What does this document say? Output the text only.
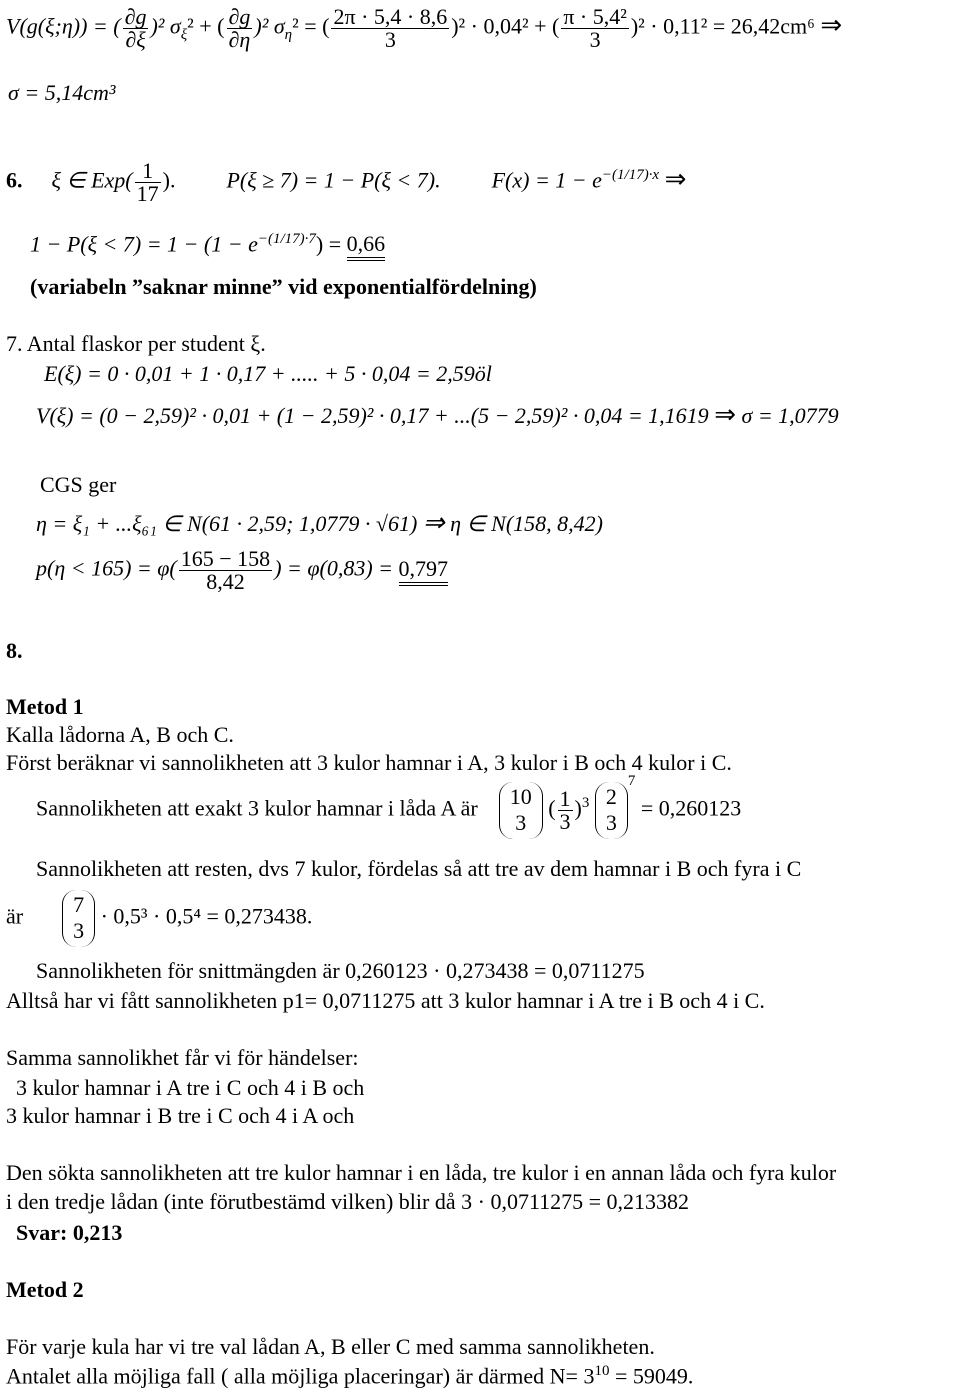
V(g(ξ;η)) = ( $\frac{\partial g}{\partial\xi} )^2$ $\sigma_\xi^2$ + ( $\frac{\partial g}{\partial\eta} )^2$ $\sigma_\eta^2$ = ( $\frac{2\pi \cdot 5,4 \cdot 8,6}{3} )^2 \cdot 0,04^2$ + ( $\frac{\text{π · 5,4²}}{3} )^2 \cdot 0,11^2 = 26,42cm^6$ ⇒
σ = 5,14cm³
6. ξ ∈ $Exp( \frac{1}{17}$ ). P(ξ ≥ 7) = 1 − P(ξ < 7). $F(x) = 1 - e^{-(1/17)\cdot x}$ ⇒
$1 - P(\xi < 7) = 1 - (1 - e^{-(1/17)\cdot 7}) = 0,66$
(variabeln ”saknar minne” vid exponentialfördelning)
7. Antal flaskor per student ξ.
E(ξ) = 0 · 0,01 + 1 · 0,17 + ..... + 5 · 0,04 = 2,59öl
V(ξ) = (0 − 2,59)² · 0,01 + (1 − 2,59)² · 0,17 + ...(5 − 2,59)² · 0,04 = 1,1619 ⇒ σ = 1,0779
CGS ger
η = ξ₁ + ...ξ₆₁ ∈ N(61 · 2,59; 1,0779 · √61) ⇒ η ∈ N(158, 8,42)
$p(\eta < 165) = \varphi( \frac{165 - 158}{8,42}$ ) = φ(0,83) = 0,797
8.
Metod 1
Kalla lådorna A, B och C.
Först beräknar vi sannolikheten att 3 kulor hamnar i A, 3 kulor i B och 4 kulor i C.
Sannolikheten att exakt 3 kulor hamnar i låda A är 10
3
( $\frac{1}{3} )^3$ 2
3
$^7$ = 0,260123
Sannolikheten att resten, dvs 7 kulor, fördelas så att tre av dem hamnar i B och fyra i C
är 7
3
· 0,5³ · 0,5⁴ = 0,273438.
Sannolikheten för snittmängden är 0,260123 · 0,273438 = 0,0711275
Alltså har vi fått sannolikheten p1= 0,0711275 att 3 kulor hamnar i A tre i B och 4 i C.
Samma sannolikhet får vi för händelser:
3 kulor hamnar i A tre i C och 4 i B och
3 kulor hamnar i B tre i C och 4 i A och
Den sökta sannolikheten att tre kulor hamnar i en låda, tre kulor i en annan låda och fyra kulor
i den tredje lådan (inte förutbestämd vilken) blir då 3 · 0,0711275 = 0,213382
Svar: 0,213
Metod 2
För varje kula har vi tre val lådan A, B eller C med samma sannolikheten.
Antalet alla möjliga fall ( alla möjliga placeringar) är därmed $N= 3^{10} = 59049$.
